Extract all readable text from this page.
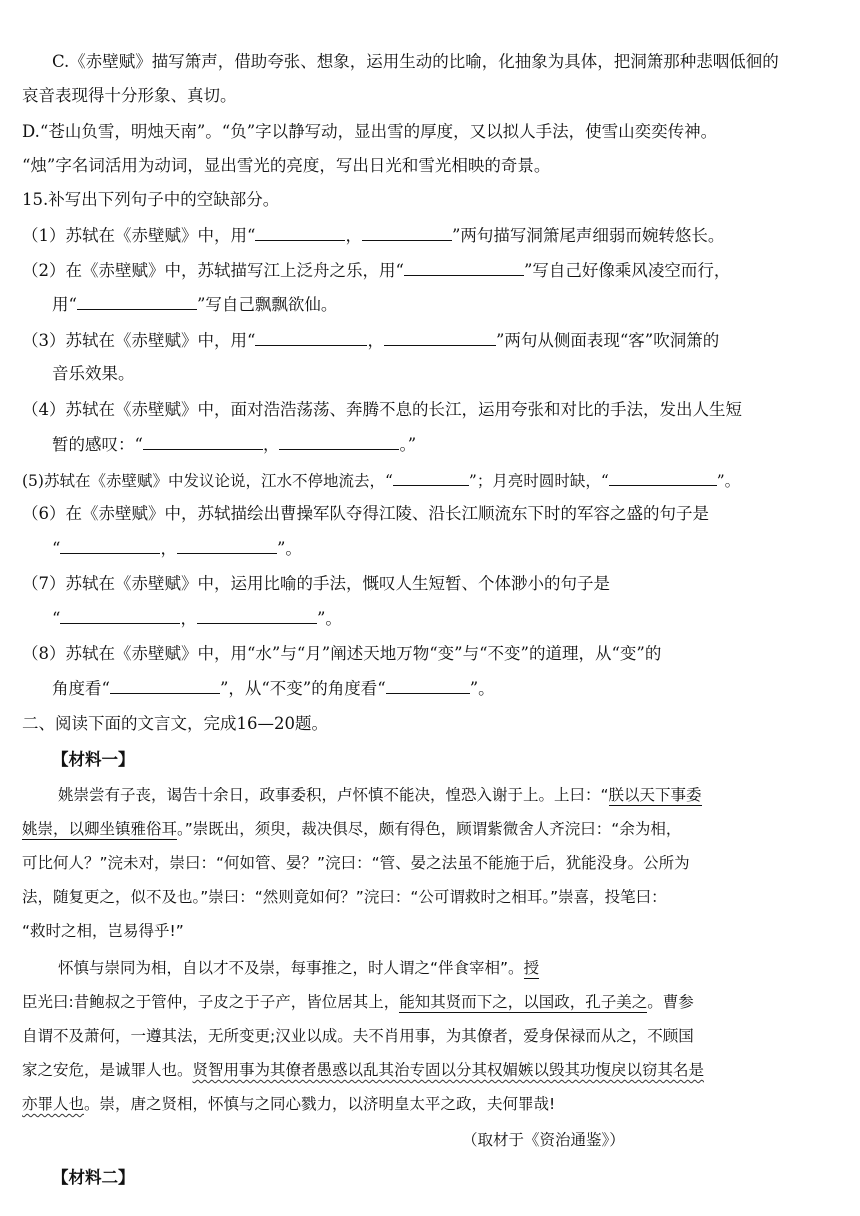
C.《赤壁赋》描写箫声，借助夸张、想象，运用生动的比喻，化抽象为具体，把洞箫那种悲咽低徊的
哀音表现得十分形象、真切。
D.“苍山负雪，明烛天南”。“负”字以静写动，显出雪的厚度，又以拟人手法，使雪山奕奕传神。
“烛”字名词活用为动词，显出雪光的亮度，写出日光和雪光相映的奇景。
15.补写出下列句子中的空缺部分。
（1）苏轼在《赤壁赋》中，用“	，	”两句描写洞箫尾声细弱而婉转悠长。
（2）在《赤壁赋》中，苏轼描写江上泛舟之乐，用“	”写自己好像乘风凌空而行，
用“	”写自己飘飘欲仙。
（3）苏轼在《赤壁赋》中，用“	，	”两句从侧面表现“客”吹洞箫的
音乐效果。
（4）苏轼在《赤壁赋》中，面对浩浩荡荡、奔腾不息的长江，运用夸张和对比的手法，发出人生短
暂的感叹：“	，	。”
(5)苏轼在《赤壁赋》中发议论说，江水不停地流去，“	”；月亮时圆时缺，“	”。
（6）在《赤壁赋》中，苏轼描绘出曹操军队夺得江陵、沿长江顺流东下时的军容之盛的句子是
“	，	”。
（7）苏轼在《赤壁赋》中，运用比喻的手法，慨叹人生短暂、个体渺小的句子是
“	，	”。
（8）苏轼在《赤壁赋》中，用“水”与“月”阐述天地万物“变”与“不变”的道理，从“变”的
角度看“	”，从“不变”的角度看“	”。
二、阅读下面的文言文，完成16—20题。
【材料一】
姚崇尝有子丧，谒告十余日，政事委积，卢怀慎不能决，惶恐入谢于上。上曰：“朕以天下事委
姚崇，以卿坐镇雅俗耳。”崇既出，须臾，裁决俱尽，颇有得色，顾谓紫微舍人齐浣曰：“余为相，
可比何人？”浣未对，崇曰：“何如管、晏？”浣曰：“管、晏之法虽不能施于后，犹能没身。公所为
法，随复更之，似不及也。”崇曰：“然则竟如何？”浣曰：“公可谓救时之相耳。”崇喜，投笔曰：
“救时之相，岂易得乎!”
怀慎与崇同为相，自以才不及崇，每事推之，时人谓之“伴食宰相”。授
臣光曰:昔鲍叔之于管仲，子皮之于子产，皆位居其上，能知其贤而下之，以国政，孔子美之。曹参
自谓不及萧何，一遵其法，无所变更;汉业以成。夫不肖用事，为其僚者，爱身保禄而从之，不顾国
家之安危，是诚罪人也。贤智用事为其僚者愚惑以乱其治专固以分其权媚嫉以毁其功愎戾以窃其名是
亦罪人也。崇，唐之贤相，怀慎与之同心戮力，以济明皇太平之政，夫何罪哉!
（取材于《资治通鉴》）
【材料二】
